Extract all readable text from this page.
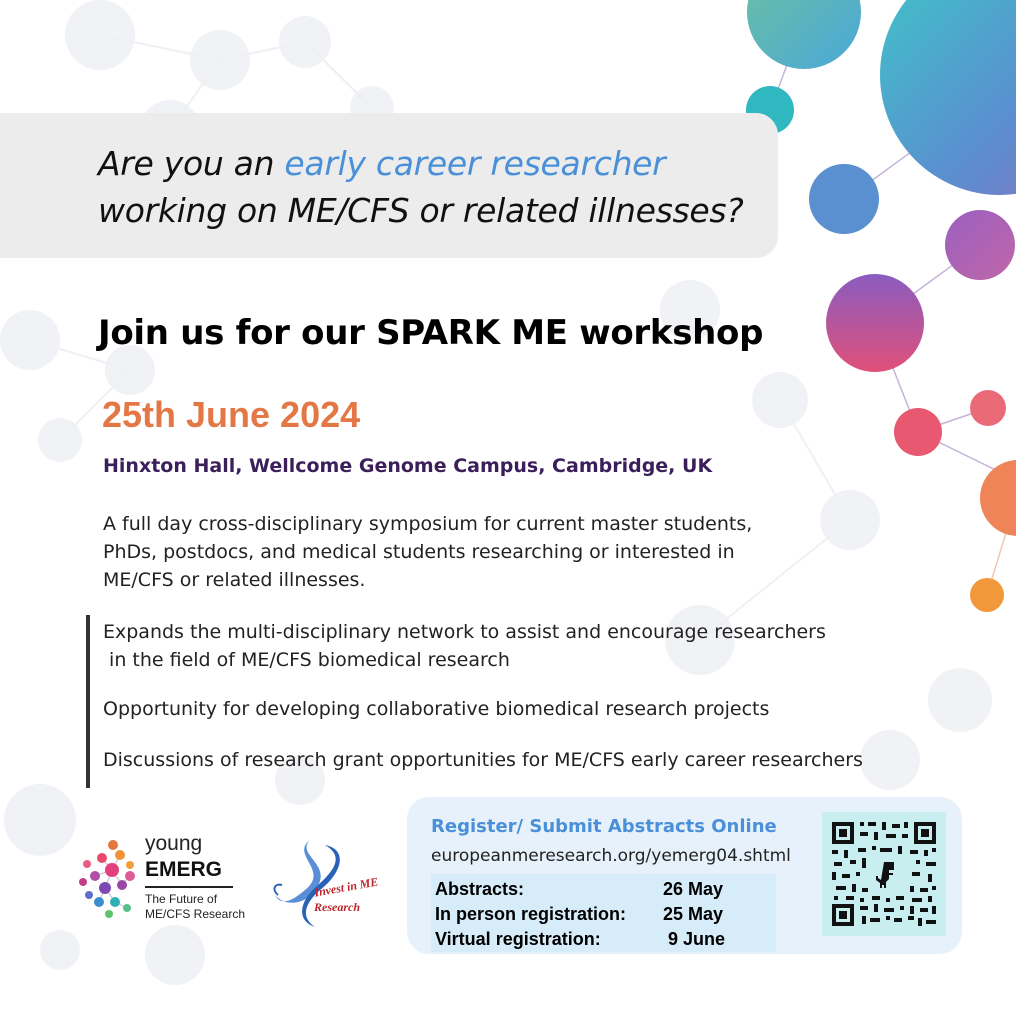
Are you an early career researcher
working on ME/CFS or related illnesses?
Join us for our SPARK ME workshop
25th June 2024
Hinxton Hall, Wellcome Genome Campus, Cambridge, UK
A full day cross-disciplinary symposium for current master students,
PhDs, postdocs, and medical students researching or interested in
ME/CFS or related illnesses.
Expands the multi-disciplinary network to assist and encourage researchers
in the field of ME/CFS biomedical research
Opportunity for developing collaborative biomedical research projects
Discussions of research grant opportunities for ME/CFS early career researchers
Register/ Submit Abstracts Online
europeanmeresearch.org/yemerg04.shtml
Abstracts:	26 May
In person registration: 25 May
Virtual registration:	9 June
young
EMERG
The Future of
ME/CFS Research
Invest in ME
Research
